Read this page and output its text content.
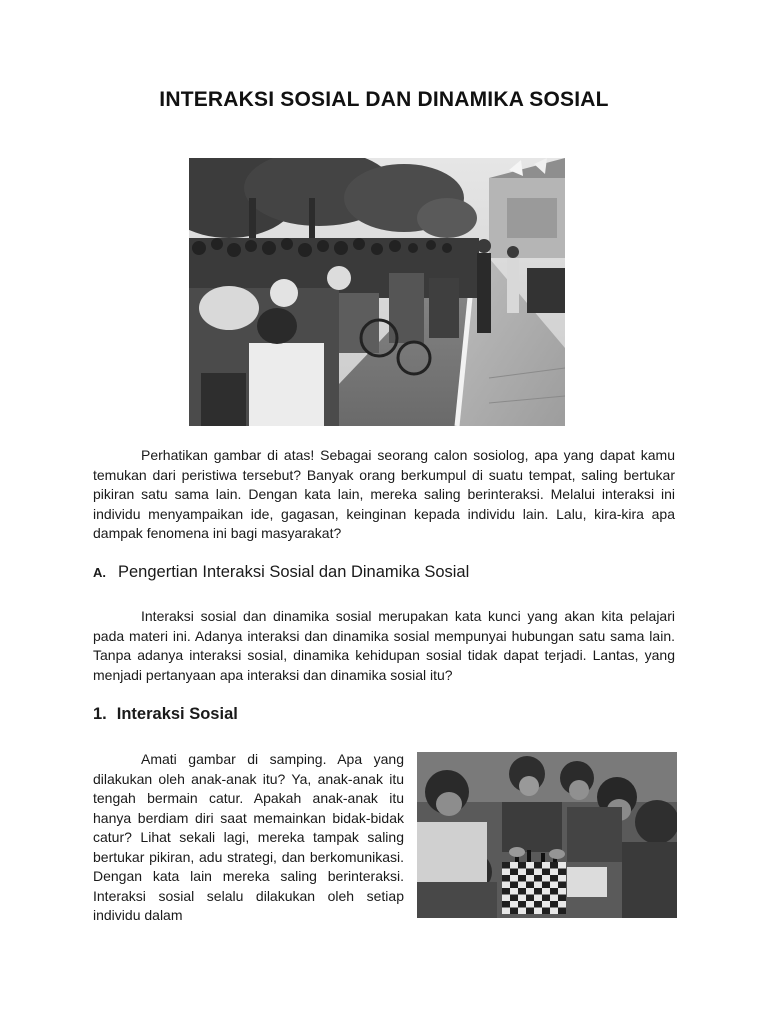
INTERAKSI SOSIAL DAN DINAMIKA SOSIAL

Perhatikan gambar di atas! Sebagai seorang calon sosiolog, apa yang dapat kamu temukan dari peristiwa tersebut? Banyak orang berkumpul di suatu tempat, saling bertukar pikiran satu sama lain. Dengan kata lain, mereka saling berinteraksi. Melalui interaksi ini individu menyampaikan ide, gagasan, keinginan kepada individu lain. Lalu, kira-kira apa dampak fenomena ini bagi masyarakat?

A. Pengertian Interaksi Sosial dan Dinamika Sosial

Interaksi sosial dan dinamika sosial merupakan kata kunci yang akan kita pelajari pada materi ini. Adanya interaksi dan dinamika sosial mempunyai hubungan satu sama lain. Tanpa adanya interaksi sosial, dinamika kehidupan sosial tidak dapat terjadi. Lantas, yang menjadi pertanyaan apa interaksi dan dinamika sosial itu?

1. Interaksi Sosial

Amati gambar di samping. Apa yang dilakukan oleh anak-anak itu? Ya, anak-anak itu tengah bermain catur. Apakah anak-anak itu hanya berdiam diri saat memainkan bidak-bidak catur? Lihat sekali lagi, mereka tampak saling bertukar pikiran, adu strategi, dan berkomunikasi. Dengan kata lain mereka saling berinteraksi. Interaksi sosial selalu dilakukan oleh setiap individu dalam
